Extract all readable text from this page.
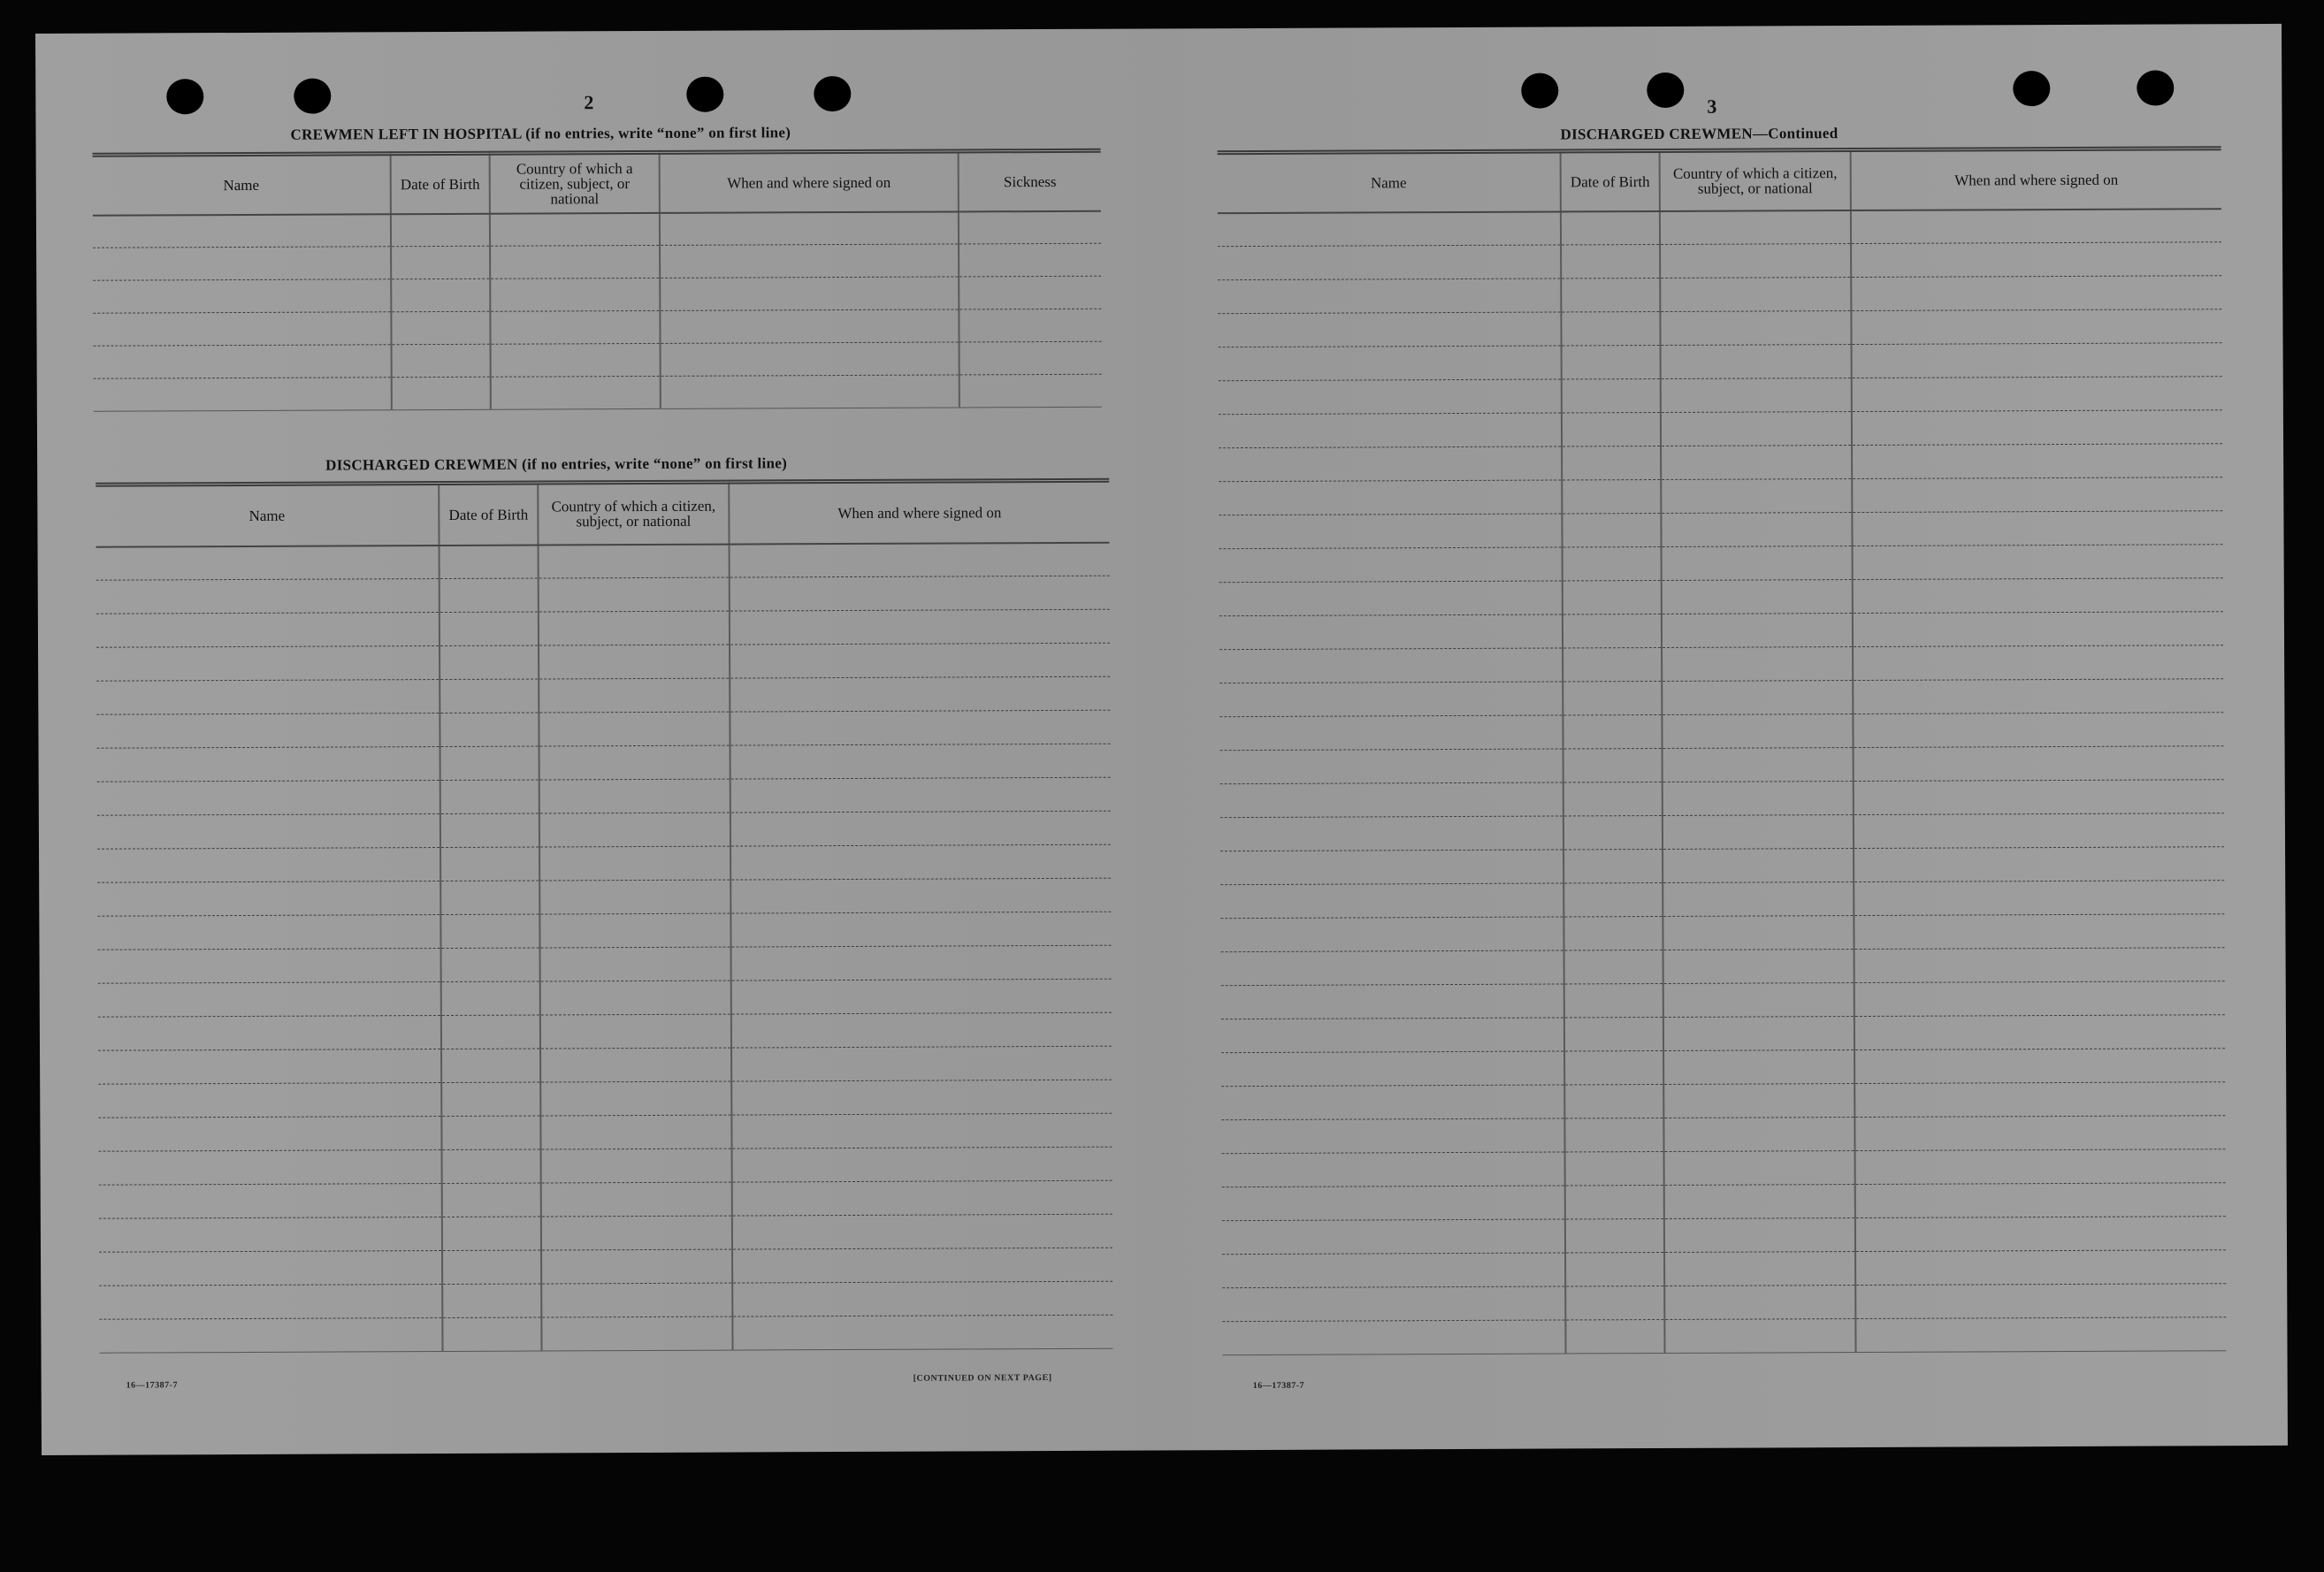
2
CREWMEN LEFT IN HOSPITAL (if no entries, write “none” on first line)
Name	Date of Birth	Country of which a citizen, subject, or national	When and where signed on	Sickness

DISCHARGED CREWMEN (if no entries, write “none” on first line)
Name	Date of Birth	Country of which a citizen, subject, or national	When and where signed on

16—17387-7
[CONTINUED ON NEXT PAGE]
3
DISCHARGED CREWMEN—Continued
Name	Date of Birth	Country of which a citizen, subject, or national	When and where signed on

16—17387-7
